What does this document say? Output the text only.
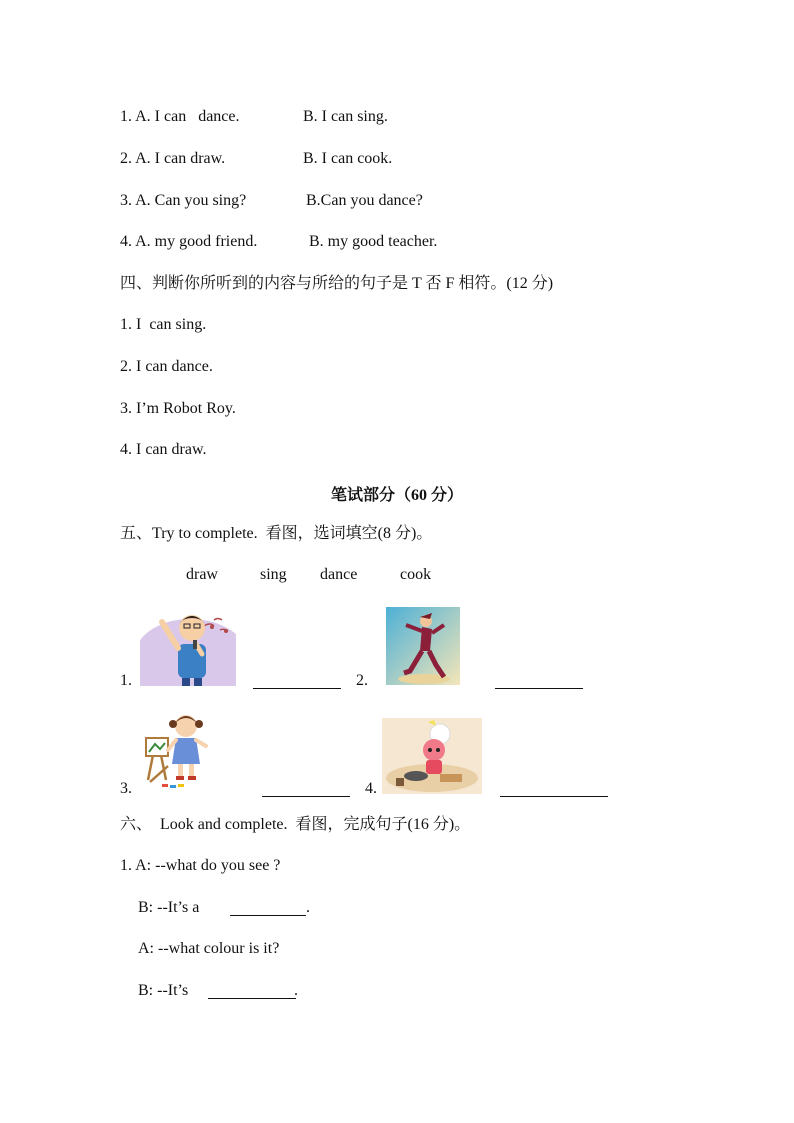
1. A. I can   dance.	B. I can sing.
2. A. I can draw.	B. I can cook.
3. A. Can you sing?	B.Can you dance?
4. A. my good friend.	B. my good teacher.
四、判断你所听到的内容与所给的句子是 T 否 F 相符。(12 分)
1. I  can sing.
2. I can dance.
3. I’m Robot Roy.
4. I can draw.
笔试部分（60 分）
五、Try to complete.  看图，选词填空(8 分)。
draw	sing dance	cook
1.	2.
3.	4.
六、  Look and complete.  看图，完成句子(16 分)。
1. A: --what do you see ?
B: --It’s a	.
A: --what colour is it?
B: --It’s	.
